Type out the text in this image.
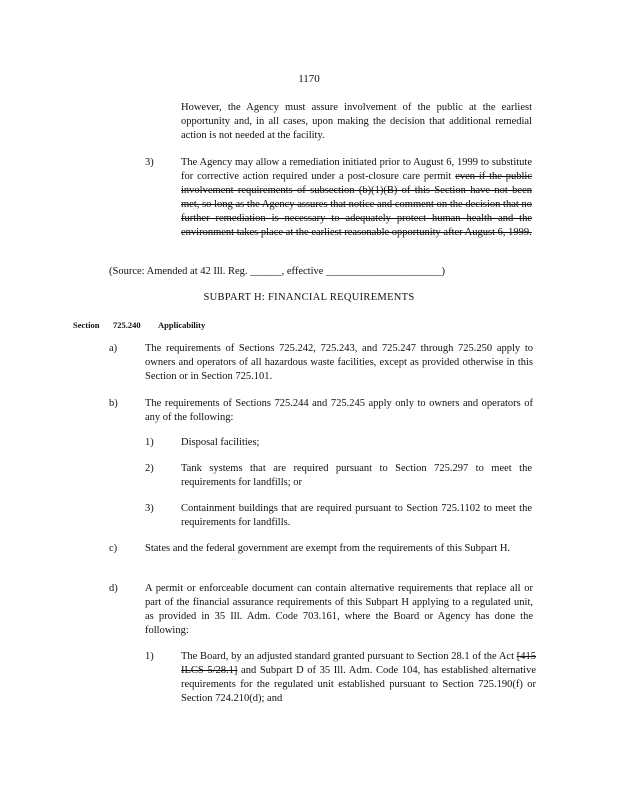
1170
However, the Agency must assure involvement of the public at the earliest opportunity and, in all cases, upon making the decision that additional remedial action is not needed at the facility.
3)	The Agency may allow a remediation initiated prior to August 6, 1999 to substitute for corrective action required under a post-closure care permit even if the public involvement requirements of subsection (b)(1)(B) of this Section have not been met, so long as the Agency assures that notice and comment on the decision that no further remediation is necessary to adequately protect human health and the environment takes place at the earliest reasonable opportunity after August 6, 1999.
(Source: Amended at 42 Ill. Reg. ______, effective ______________________)
SUBPART H: FINANCIAL REQUIREMENTS
Section 725.240 Applicability
a)	The requirements of Sections 725.242, 725.243, and 725.247 through 725.250 apply to owners and operators of all hazardous waste facilities, except as provided otherwise in this Section or in Section 725.101.
b)	The requirements of Sections 725.244 and 725.245 apply only to owners and operators of any of the following:
1)	Disposal facilities;
2)	Tank systems that are required pursuant to Section 725.297 to meet the requirements for landfills; or
3)	Containment buildings that are required pursuant to Section 725.1102 to meet the requirements for landfills.
c)	States and the federal government are exempt from the requirements of this Subpart H.
d)	A permit or enforceable document can contain alternative requirements that replace all or part of the financial assurance requirements of this Subpart H applying to a regulated unit, as provided in 35 Ill. Adm. Code 703.161, where the Board or Agency has done the following:
1)	The Board, by an adjusted standard granted pursuant to Section 28.1 of the Act [415 ILCS 5/28.1] and Subpart D of 35 Ill. Adm. Code 104, has established alternative requirements for the regulated unit established pursuant to Section 725.190(f) or Section 724.210(d); and
